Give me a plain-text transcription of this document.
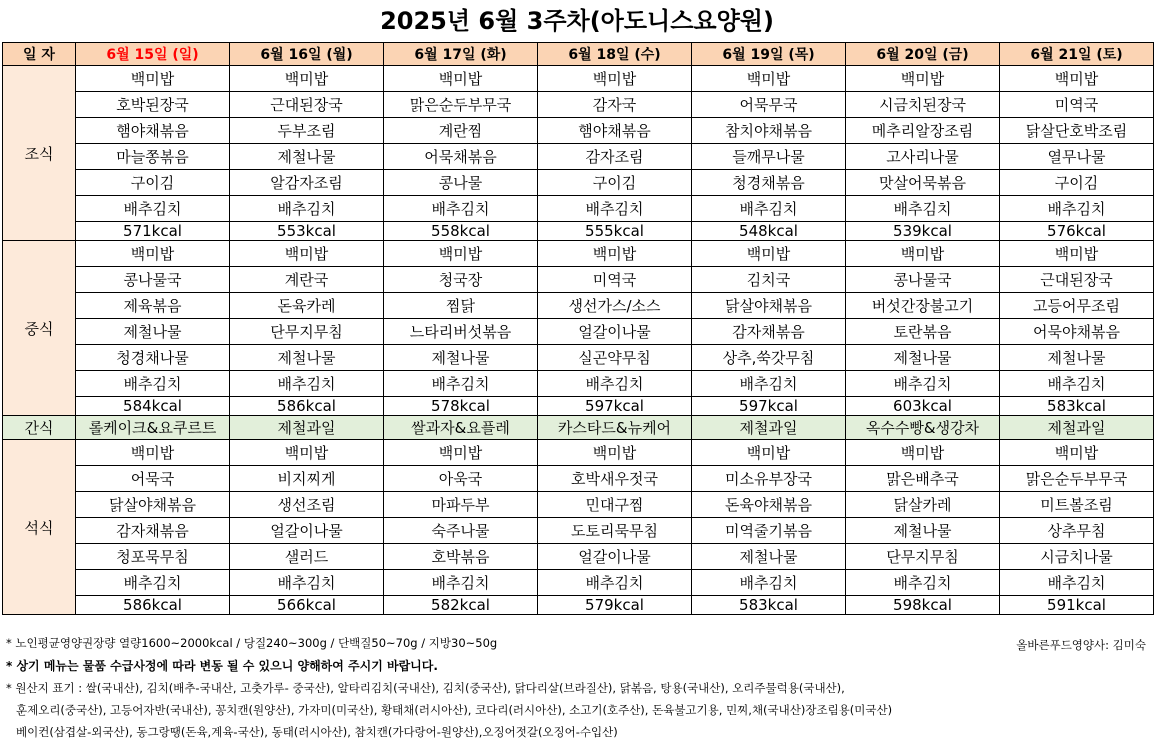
2025년 6월 3주차(아도니스요양원)
일 자	6월 15일 (일)	6월 16일 (월)	6월 17일 (화)	6월 18일 (수)	6월 19일 (목)	6월 20일 (금)	6월 21일 (토)
조식	백미밥	백미밥	백미밥	백미밥	백미밥	백미밥	백미밥
	호박된장국	근대된장국	맑은순두부무국	감자국	어묵무국	시금치된장국	미역국
	햄야채볶음	두부조림	계란찜	햄야채볶음	참치야채볶음	메추리알장조림	닭살단호박조림
	마늘쫑볶음	제철나물	어묵채볶음	감자조림	들깨무나물	고사리나물	열무나물
	구이김	알감자조림	콩나물	구이김	청경채볶음	맛살어묵볶음	구이김
	배추김치	배추김치	배추김치	배추김치	배추김치	배추김치	배추김치
	571kcal	553kcal	558kcal	555kcal	548kcal	539kcal	576kcal
중식	백미밥	백미밥	백미밥	백미밥	백미밥	백미밥	백미밥
	콩나물국	계란국	청국장	미역국	김치국	콩나물국	근대된장국
	제육볶음	돈육카레	찜닭	생선가스/소스	닭살야채볶음	버섯간장불고기	고등어무조림
	제철나물	단무지무침	느타리버섯볶음	얼갈이나물	감자채볶음	토란볶음	어묵야채볶음
	청경채나물	제철나물	제철나물	실곤약무침	상추,쑥갓무침	제철나물	제철나물
	배추김치	배추김치	배추김치	배추김치	배추김치	배추김치	배추김치
	584kcal	586kcal	578kcal	597kcal	597kcal	603kcal	583kcal
간식	롤케이크&요쿠르트	제철과일	쌀과자&요플레	카스타드&뉴케어	제철과일	옥수수빵&생강차	제철과일
석식	백미밥	백미밥	백미밥	백미밥	백미밥	백미밥	백미밥
	어묵국	비지찌게	아욱국	호박새우젓국	미소유부장국	맑은배추국	맑은순두부무국
	닭살야채볶음	생선조림	마파두부	민대구찜	돈육야채볶음	닭살카레	미트볼조림
	감자채볶음	얼갈이나물	숙주나물	도토리묵무침	미역줄기볶음	제철나물	상추무침
	청포묵무침	샐러드	호박볶음	얼갈이나물	제철나물	단무지무침	시금치나물
	배추김치	배추김치	배추김치	배추김치	배추김치	배추김치	배추김치
	586kcal	566kcal	582kcal	579kcal	583kcal	598kcal	591kcal
* 노인평균영양권장량 열량1600~2000kcal / 당질240~300g / 단백질50~70g / 지방30~50g	올바른푸드영양사: 김미숙
* 상기 메뉴는 물품 수급사정에 따라 변동 될 수 있으니 양해하여 주시기 바랍니다.
* 원산지 표기 : 쌀(국내산), 김치(배추-국내산, 고춧가루- 중국산), 알타리김치(국내산), 김치(중국산), 닭다리살(브라질산), 닭볶음, 탕용(국내산), 오리주물럭용(국내산),
훈제오리(중국산), 고등어자반(국내산), 꽁치캔(원양산), 가자미(미국산), 황태채(러시아산), 코다리(러시아산), 소고기(호주산), 돈육불고기용, 민찌,채(국내산)장조림용(미국산)
베이컨(삼겹살-외국산), 동그랑땡(돈육,계육-국산), 동태(러시아산), 참치캔(가다랑어-원양산),오징어젓갈(오징어-수입산)
